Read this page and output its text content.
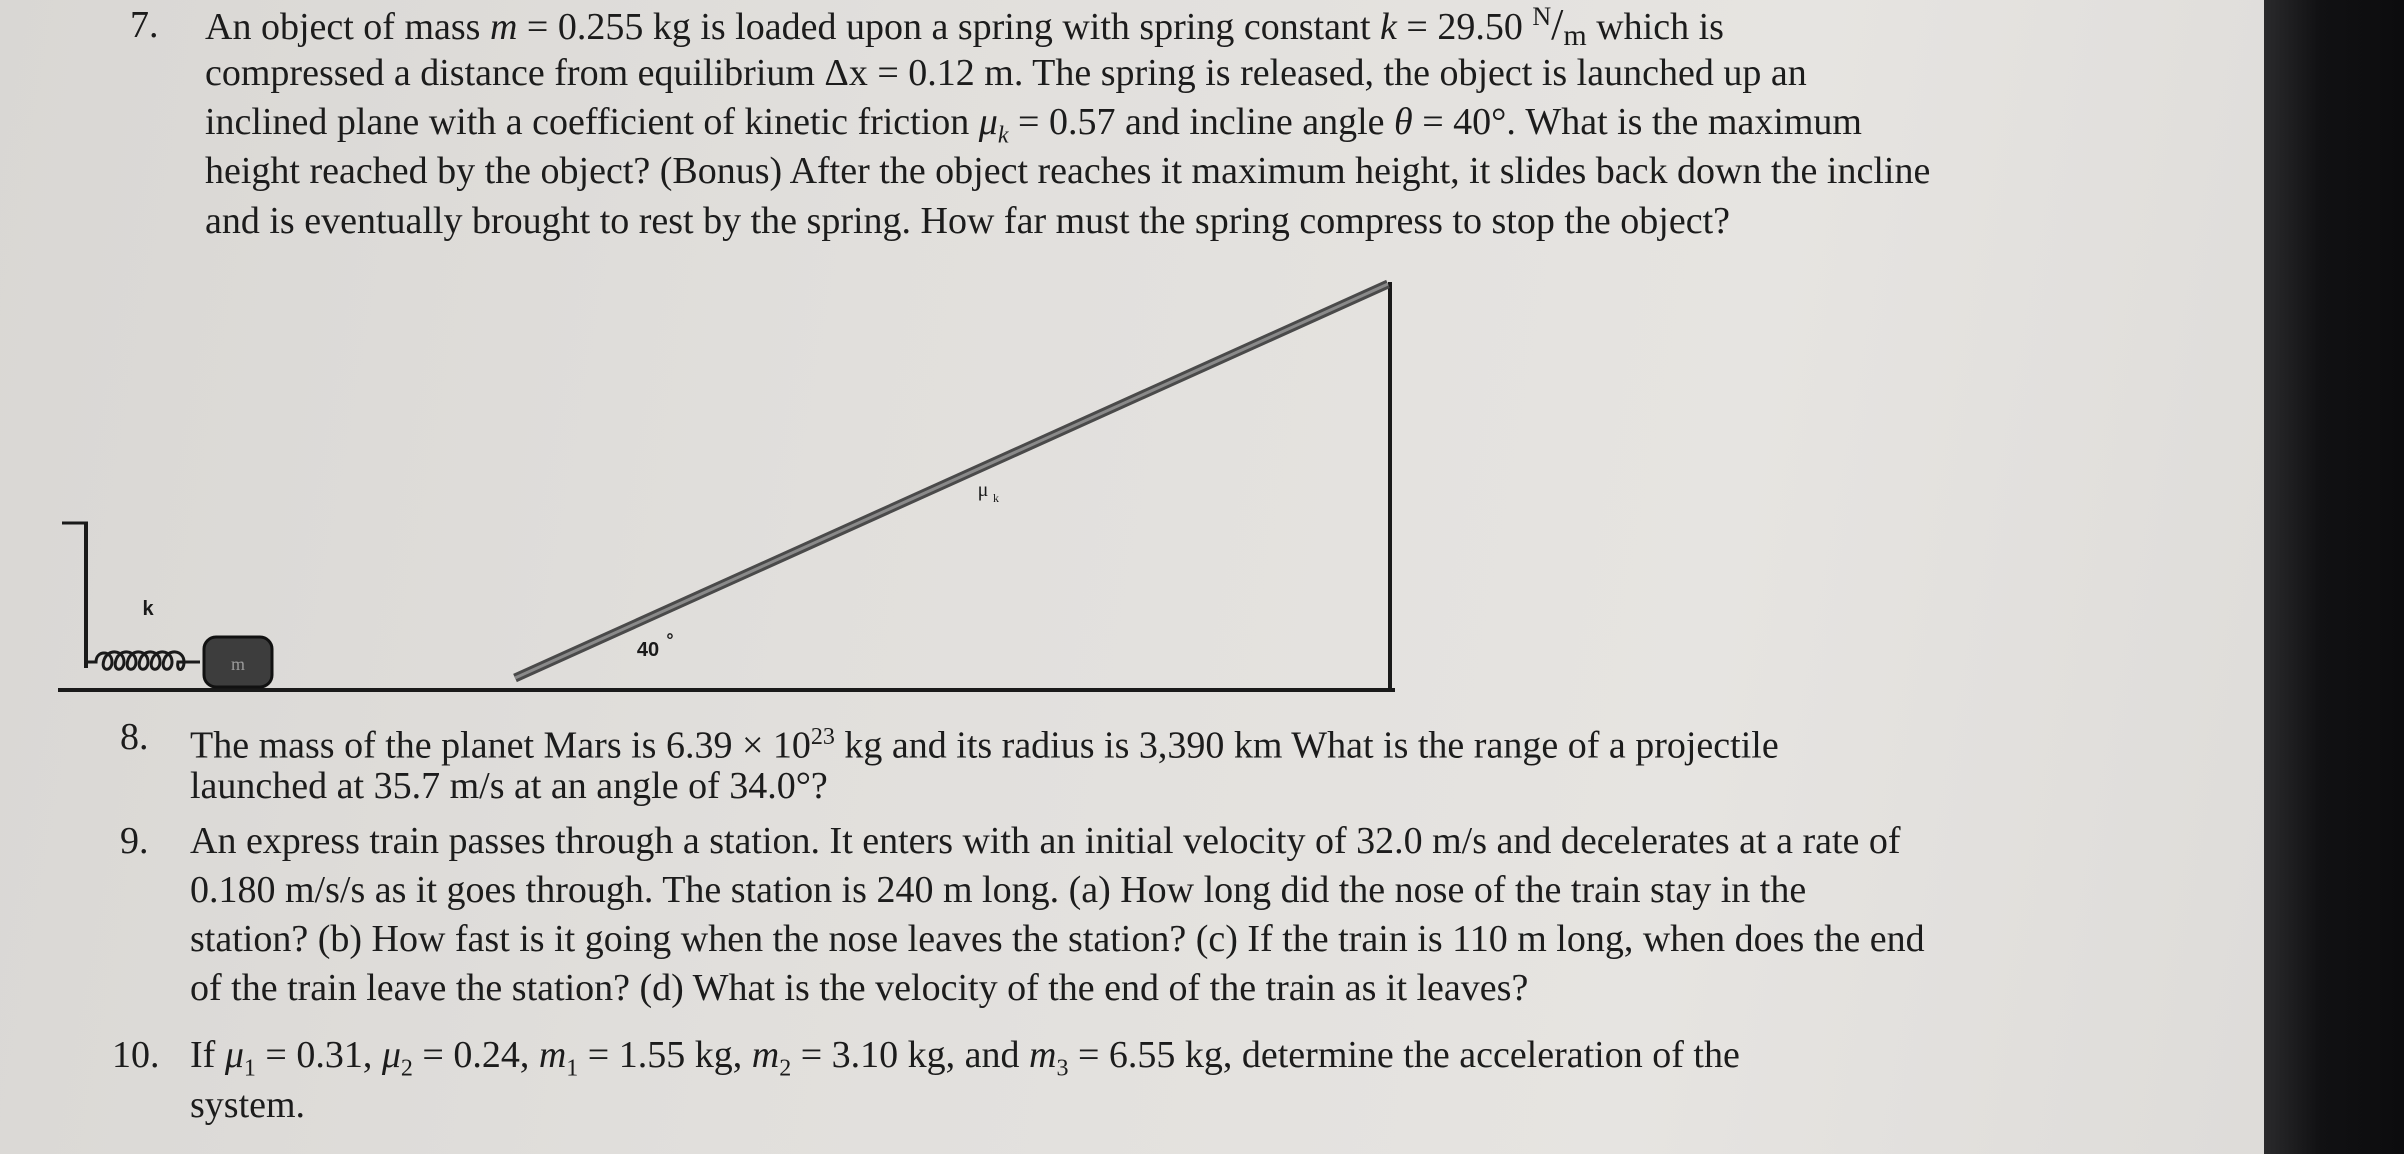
7. An object of mass m = 0.255 kg is loaded upon a spring with spring constant k = 29.50 $^N$/m which is
compressed a distance from equilibrium Δx = 0.12 m. The spring is released, the object is launched up an
inclined plane with a coefficient of kinetic friction $\mu_k = 0.57$ and incline angle θ = 40°. What is the maximum
height reached by the object? (Bonus) After the object reaches it maximum height, it slides back down the incline
and is eventually brought to rest by the spring. How far must the spring compress to stop the object?
m
k
40 °
μ k
8. The mass of the planet Mars is $6.39 \times 10^{23}$ kg and its radius is 3,390 km What is the range of a projectile
launched at 35.7 m/s at an angle of 34.0°?
9. An express train passes through a station. It enters with an initial velocity of 32.0 m/s and decelerates at a rate of
0.180 m/s/s as it goes through. The station is 240 m long. (a) How long did the nose of the train stay in the
station? (b) How fast is it going when the nose leaves the station? (c) If the train is 110 m long, when does the end
of the train leave the station? (d) What is the velocity of the end of the train as it leaves?
10. If $\mu_1 = 0.31$, $\mu_2 = 0.24$, $m_1 = 1.55$ kg, $m_2 = 3.10$ kg, and $m_3 = 6.55$ kg, determine the acceleration of the
system.
